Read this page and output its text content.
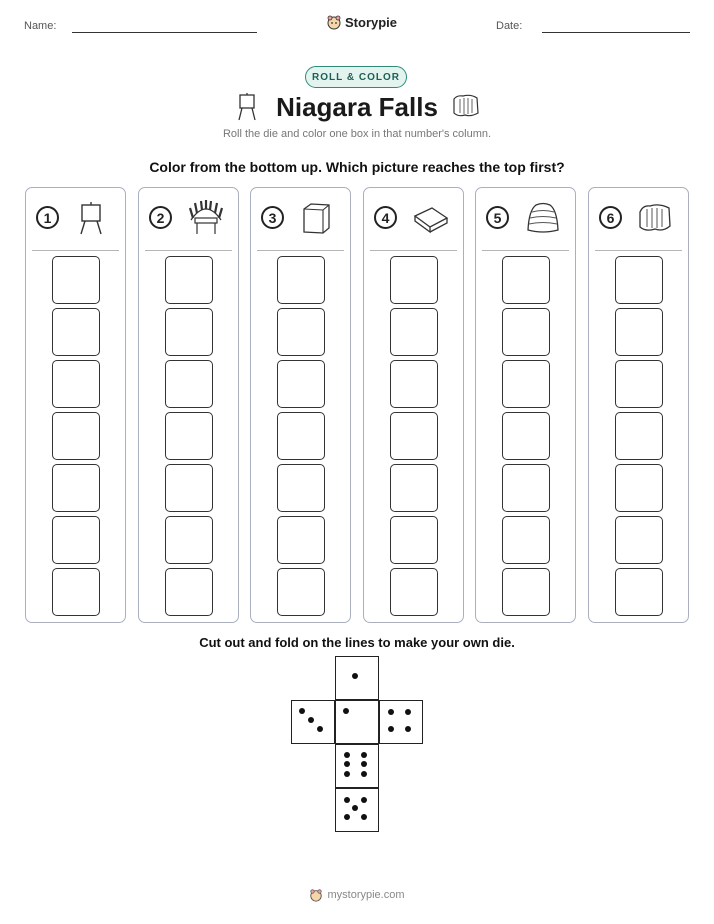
Name:	Storypie	Date:
ROLL & COLOR
Niagara Falls
Roll the die and color one box in that number's column.
Color from the bottom up. Which picture reaches the top first?
1	2	3	4	5	6
Cut out and fold on the lines to make your own die.
mystorypie.com
